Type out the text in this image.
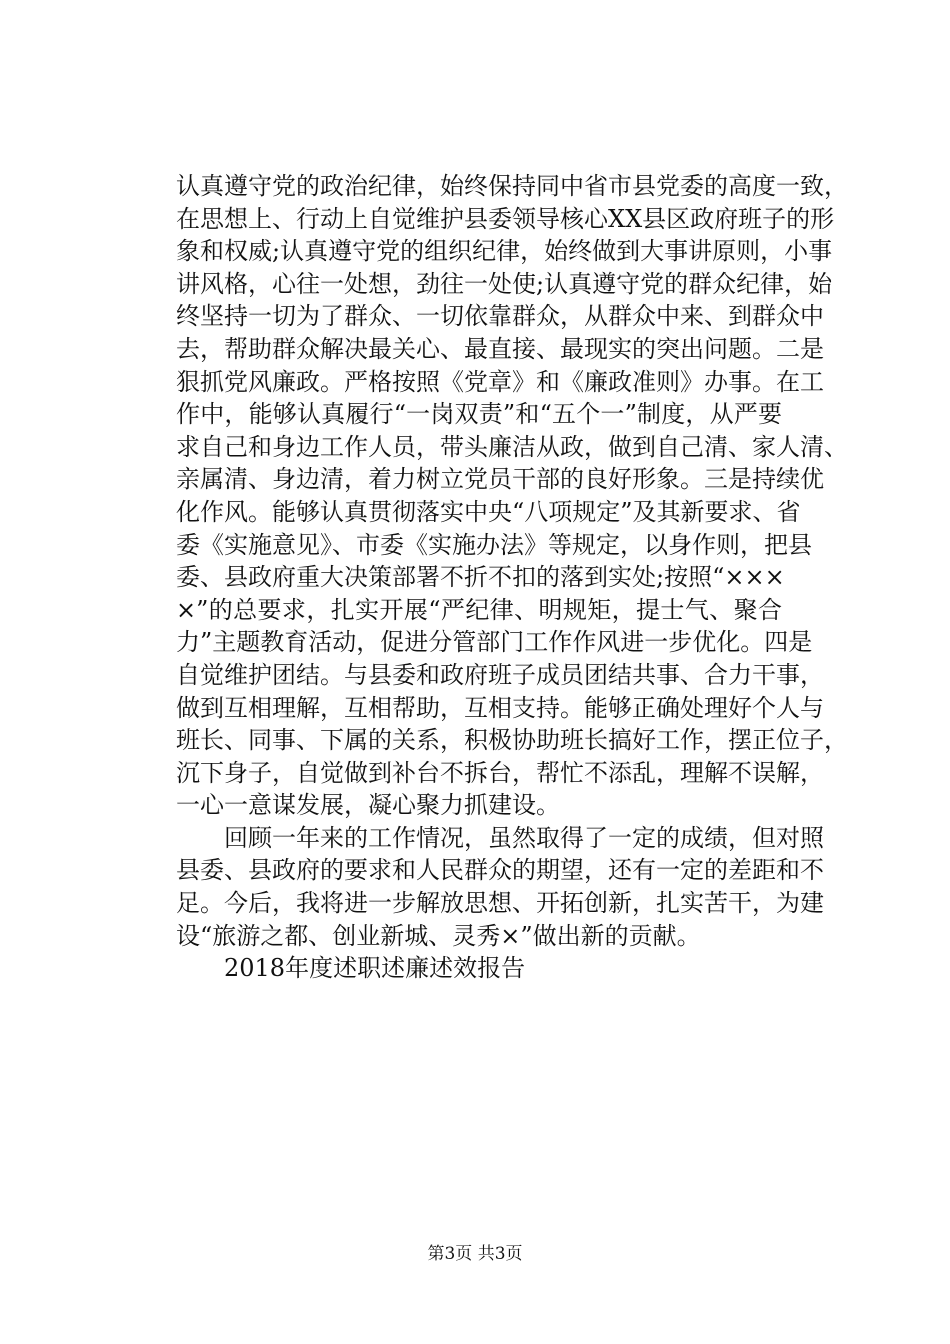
认真遵守党的政治纪律，始终保持同中省市县党委的高度一致，
在思想上、行动上自觉维护县委领导核心XX县区政府班子的形
象和权威;认真遵守党的组织纪律，始终做到大事讲原则，小事
讲风格，心往一处想，劲往一处使;认真遵守党的群众纪律，始
终坚持一切为了群众、一切依靠群众，从群众中来、到群众中
去，帮助群众解决最关心、最直接、最现实的突出问题。二是
狠抓党风廉政。严格按照《党章》和《廉政准则》办事。在工
作中，能够认真履行“一岗双责”和“五个一”制度，从严要
求自己和身边工作人员，带头廉洁从政，做到自己清、家人清、
亲属清、身边清，着力树立党员干部的良好形象。三是持续优
化作风。能够认真贯彻落实中央“八项规定”及其新要求、省
委《实施意见》、市委《实施办法》等规定，以身作则，把县
委、县政府重大决策部署不折不扣的落到实处;按照“×××
×”的总要求，扎实开展“严纪律、明规矩，提士气、聚合
力”主题教育活动，促进分管部门工作作风进一步优化。四是
自觉维护团结。与县委和政府班子成员团结共事、合力干事，
做到互相理解，互相帮助，互相支持。能够正确处理好个人与
班长、同事、下属的关系，积极协助班长搞好工作，摆正位子，
沉下身子，自觉做到补台不拆台，帮忙不添乱，理解不误解，
一心一意谋发展，凝心聚力抓建设。
　　回顾一年来的工作情况，虽然取得了一定的成绩，但对照
县委、县政府的要求和人民群众的期望，还有一定的差距和不
足。今后，我将进一步解放思想、开拓创新，扎实苦干，为建
设“旅游之都、创业新城、灵秀×”做出新的贡献。
　　2018年度述职述廉述效报告
第3页 共3页
